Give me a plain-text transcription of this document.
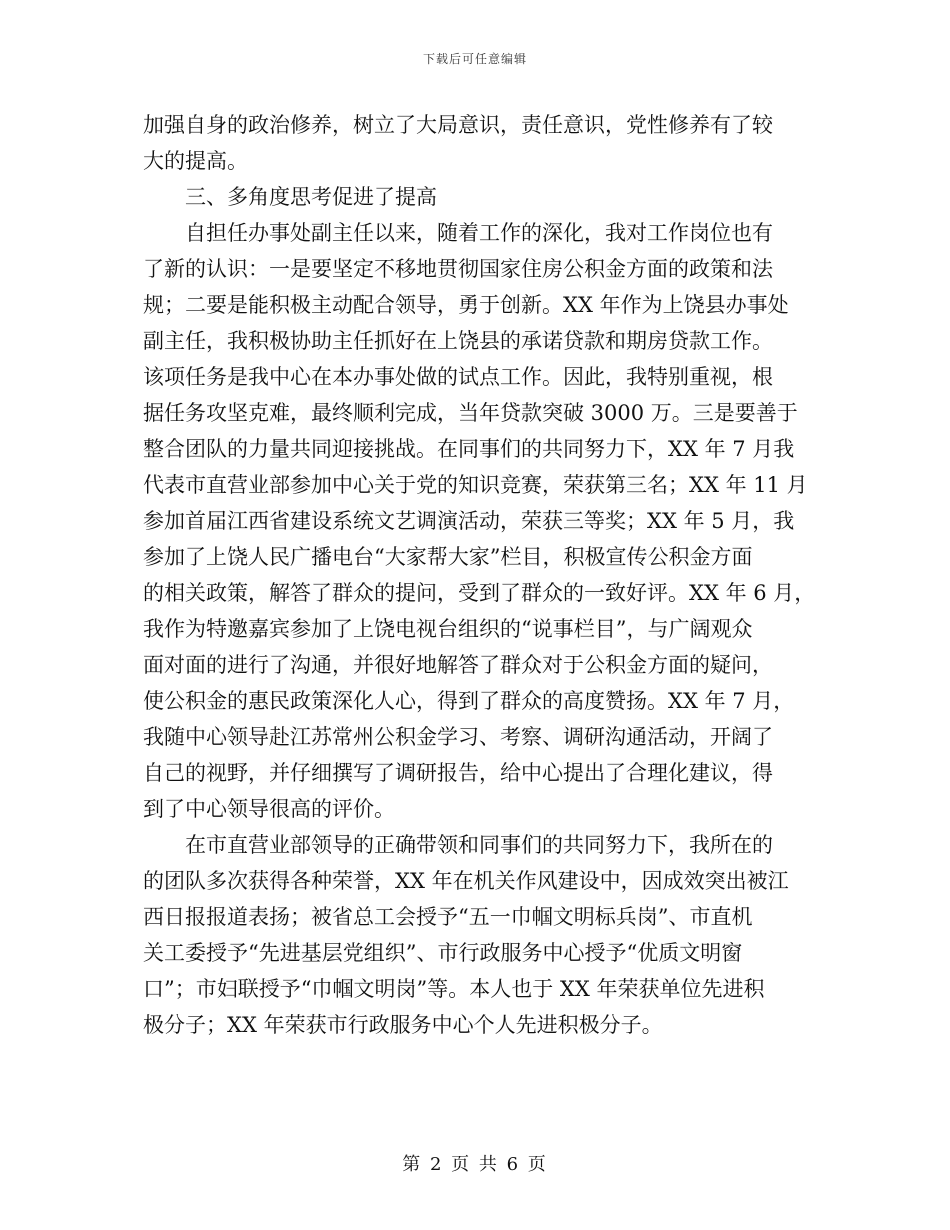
下载后可任意编辑
加强自身的政治修养，树立了大局意识，责任意识，党性修养有了较
大的提高。
　　三、多角度思考促进了提高
　　自担任办事处副主任以来，随着工作的深化，我对工作岗位也有
了新的认识：一是要坚定不移地贯彻国家住房公积金方面的政策和法
规；二要是能积极主动配合领导，勇于创新。XX 年作为上饶县办事处
副主任，我积极协助主任抓好在上饶县的承诺贷款和期房贷款工作。
该项任务是我中心在本办事处做的试点工作。因此，我特别重视，根
据任务攻坚克难，最终顺利完成，当年贷款突破 3000 万。三是要善于
整合团队的力量共同迎接挑战。在同事们的共同努力下，XX 年 7 月我
代表市直营业部参加中心关于党的知识竞赛，荣获第三名；XX 年 11 月
参加首届江西省建设系统文艺调演活动，荣获三等奖；XX 年 5 月，我
参加了上饶人民广播电台“大家帮大家”栏目，积极宣传公积金方面
的相关政策，解答了群众的提问，受到了群众的一致好评。XX 年 6 月，
我作为特邀嘉宾参加了上饶电视台组织的“说事栏目”，与广阔观众
面对面的进行了沟通，并很好地解答了群众对于公积金方面的疑问，
使公积金的惠民政策深化人心，得到了群众的高度赞扬。XX 年 7 月，
我随中心领导赴江苏常州公积金学习、考察、调研沟通活动，开阔了
自己的视野，并仔细撰写了调研报告，给中心提出了合理化建议，得
到了中心领导很高的评价。
　　在市直营业部领导的正确带领和同事们的共同努力下，我所在的
的团队多次获得各种荣誉，XX 年在机关作风建设中，因成效突出被江
西日报报道表扬；被省总工会授予“五一巾帼文明标兵岗”、市直机
关工委授予“先进基层党组织”、市行政服务中心授予“优质文明窗
口”；市妇联授予“巾帼文明岗”等。本人也于 XX 年荣获单位先进积
极分子；XX 年荣获市行政服务中心个人先进积极分子。
第 2 页 共 6 页
